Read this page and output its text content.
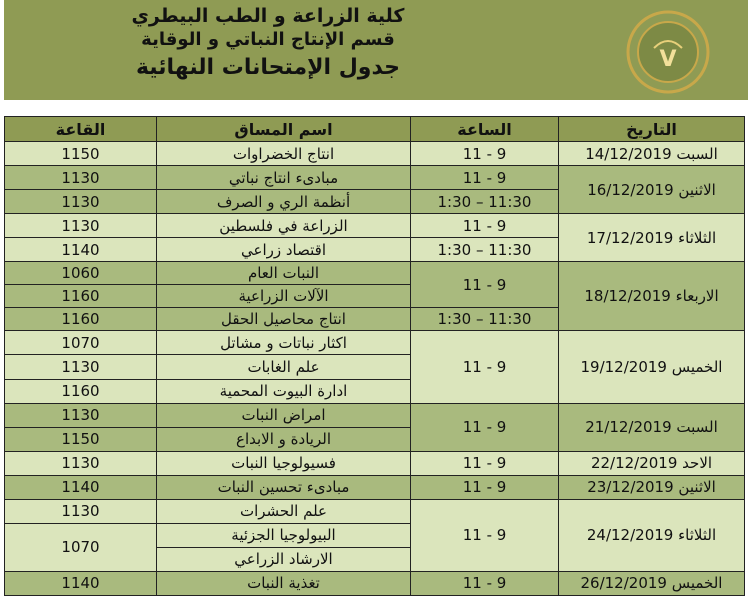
كلية الزراعة و الطب البيطري
قسم الإنتاج النباتي و الوقاية
جدول الإمتحانات النهائية	V
التاريخ	الساعة	اسم المساق	القاعة
السبت 14/12/2019	9 - 11	انتاج الخضراوات	1150
الاثنين 16/12/2019	9 - 11	مبادىء انتاج نباتي	1130
	11:30 – 1:30	أنظمة الري و الصرف	1130
الثلاثاء 17/12/2019	9 - 11	الزراعة في فلسطين	1130
	11:30 – 1:30	اقتصاد زراعي	1140
الاربعاء 18/12/2019	9 - 11	النبات العام	1060
		الآلات الزراعية	1160
	11:30 – 1:30	انتاج محاصيل الحقل	1160
الخميس 19/12/2019	9 - 11	اكثار نباتات و مشاتل	1070
		علم الغابات	1130
		ادارة البيوت المحمية	1160
السبت 21/12/2019	9 - 11	امراض النبات	1130
		الريادة و الابداع	1150
الاحد 22/12/2019	9 - 11	فسيولوجيا النبات	1130
الاثنين 23/12/2019	9 - 11	مبادىء تحسين النبات	1140
الثلاثاء 24/12/2019	9 - 11	علم الحشرات	1130
		البيولوجيا الجزئية	1070
		الارشاد الزراعي	
الخميس 26/12/2019	9 - 11	تغذية النبات	1140
